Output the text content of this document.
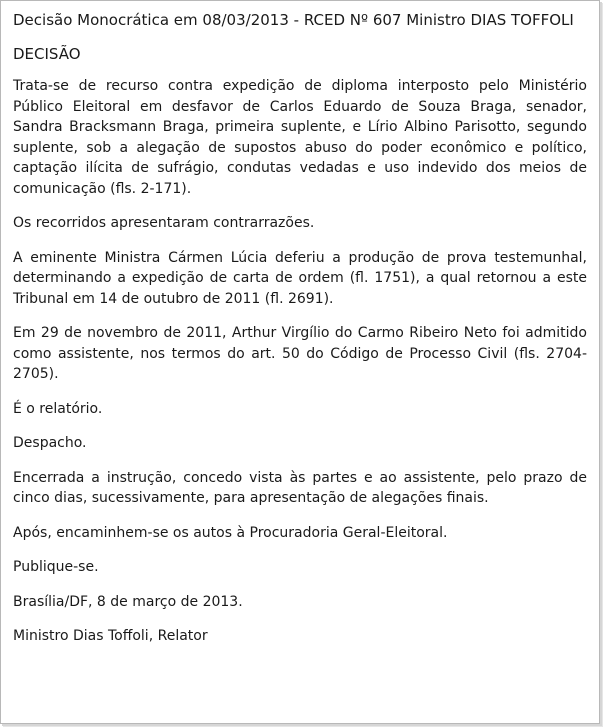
Decisão Monocrática em 08/03/2013 - RCED Nº 607 Ministro DIAS TOFFOLI
DECISÃO

Trata-se de recurso contra expedição de diploma interposto pelo Ministério Público Eleitoral em desfavor de Carlos Eduardo de Souza Braga, senador, Sandra Bracksmann Braga, primeira suplente, e Lírio Albino Parisotto, segundo suplente, sob a alegação de supostos abuso do poder econômico e político, captação ilícita de sufrágio, condutas vedadas e uso indevido dos meios de comunicação (fls. 2-171).

Os recorridos apresentaram contrarrazões.

A eminente Ministra Cármen Lúcia deferiu a produção de prova testemunhal, determinando a expedição de carta de ordem (fl. 1751), a qual retornou a este Tribunal em 14 de outubro de 2011 (fl. 2691).

Em 29 de novembro de 2011, Arthur Virgílio do Carmo Ribeiro Neto foi admitido como assistente, nos termos do art. 50 do Código de Processo Civil (fls. 2704-2705).

É o relatório.

Despacho.

Encerrada a instrução, concedo vista às partes e ao assistente, pelo prazo de cinco dias, sucessivamente, para apresentação de alegações finais.

Após, encaminhem-se os autos à Procuradoria Geral-Eleitoral.

Publique-se.

Brasília/DF, 8 de março de 2013.

Ministro Dias Toffoli, Relator
